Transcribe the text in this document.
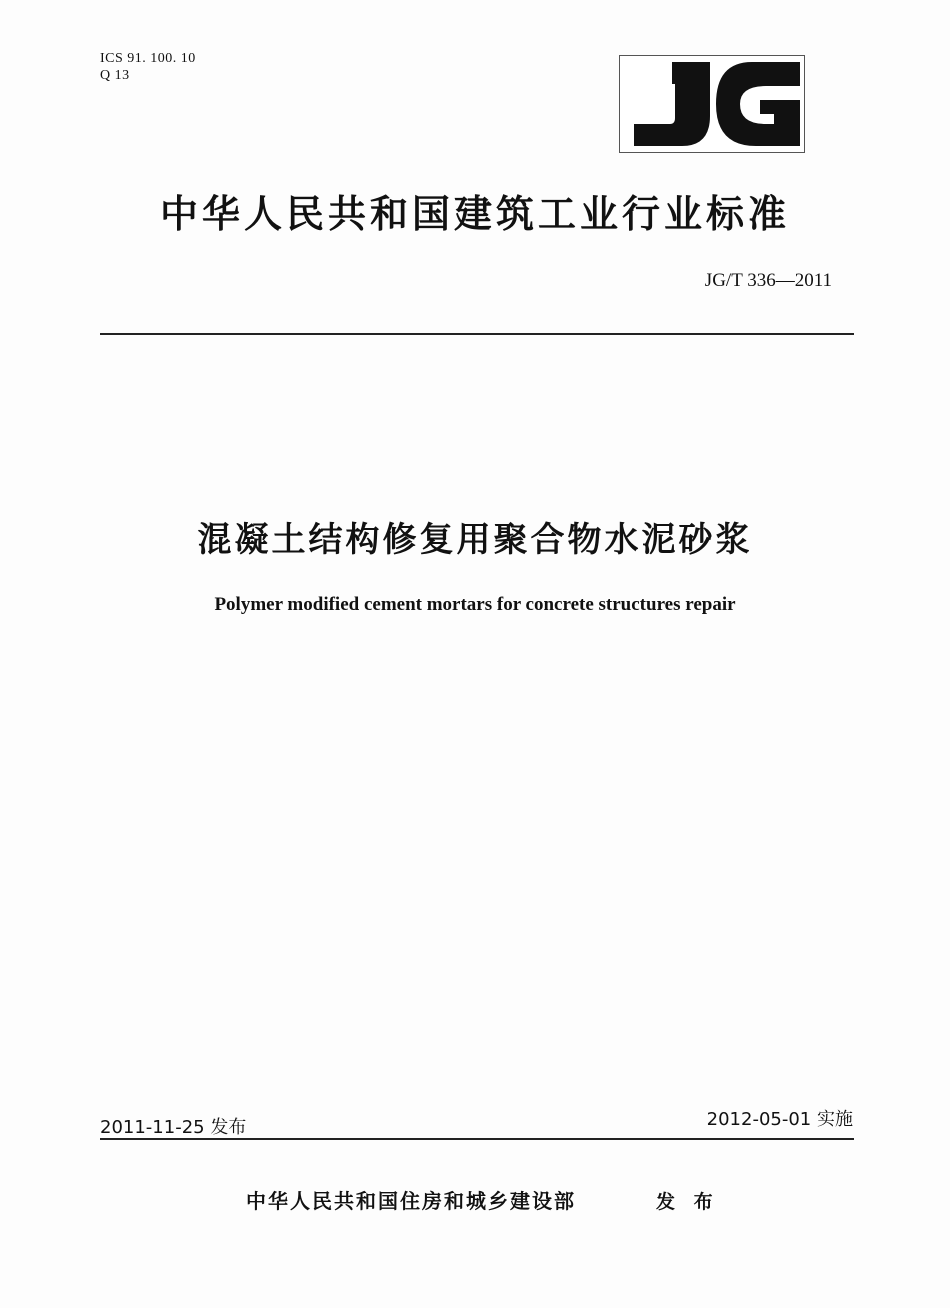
ICS 91. 100. 10
Q 13
中华人民共和国建筑工业行业标准
JG/T 336—2011
混凝土结构修复用聚合物水泥砂浆
Polymer modified cement mortars for concrete structures repair
2011-11-25 发布	2012-05-01 实施
中华人民共和国住房和城乡建设部	发 布
